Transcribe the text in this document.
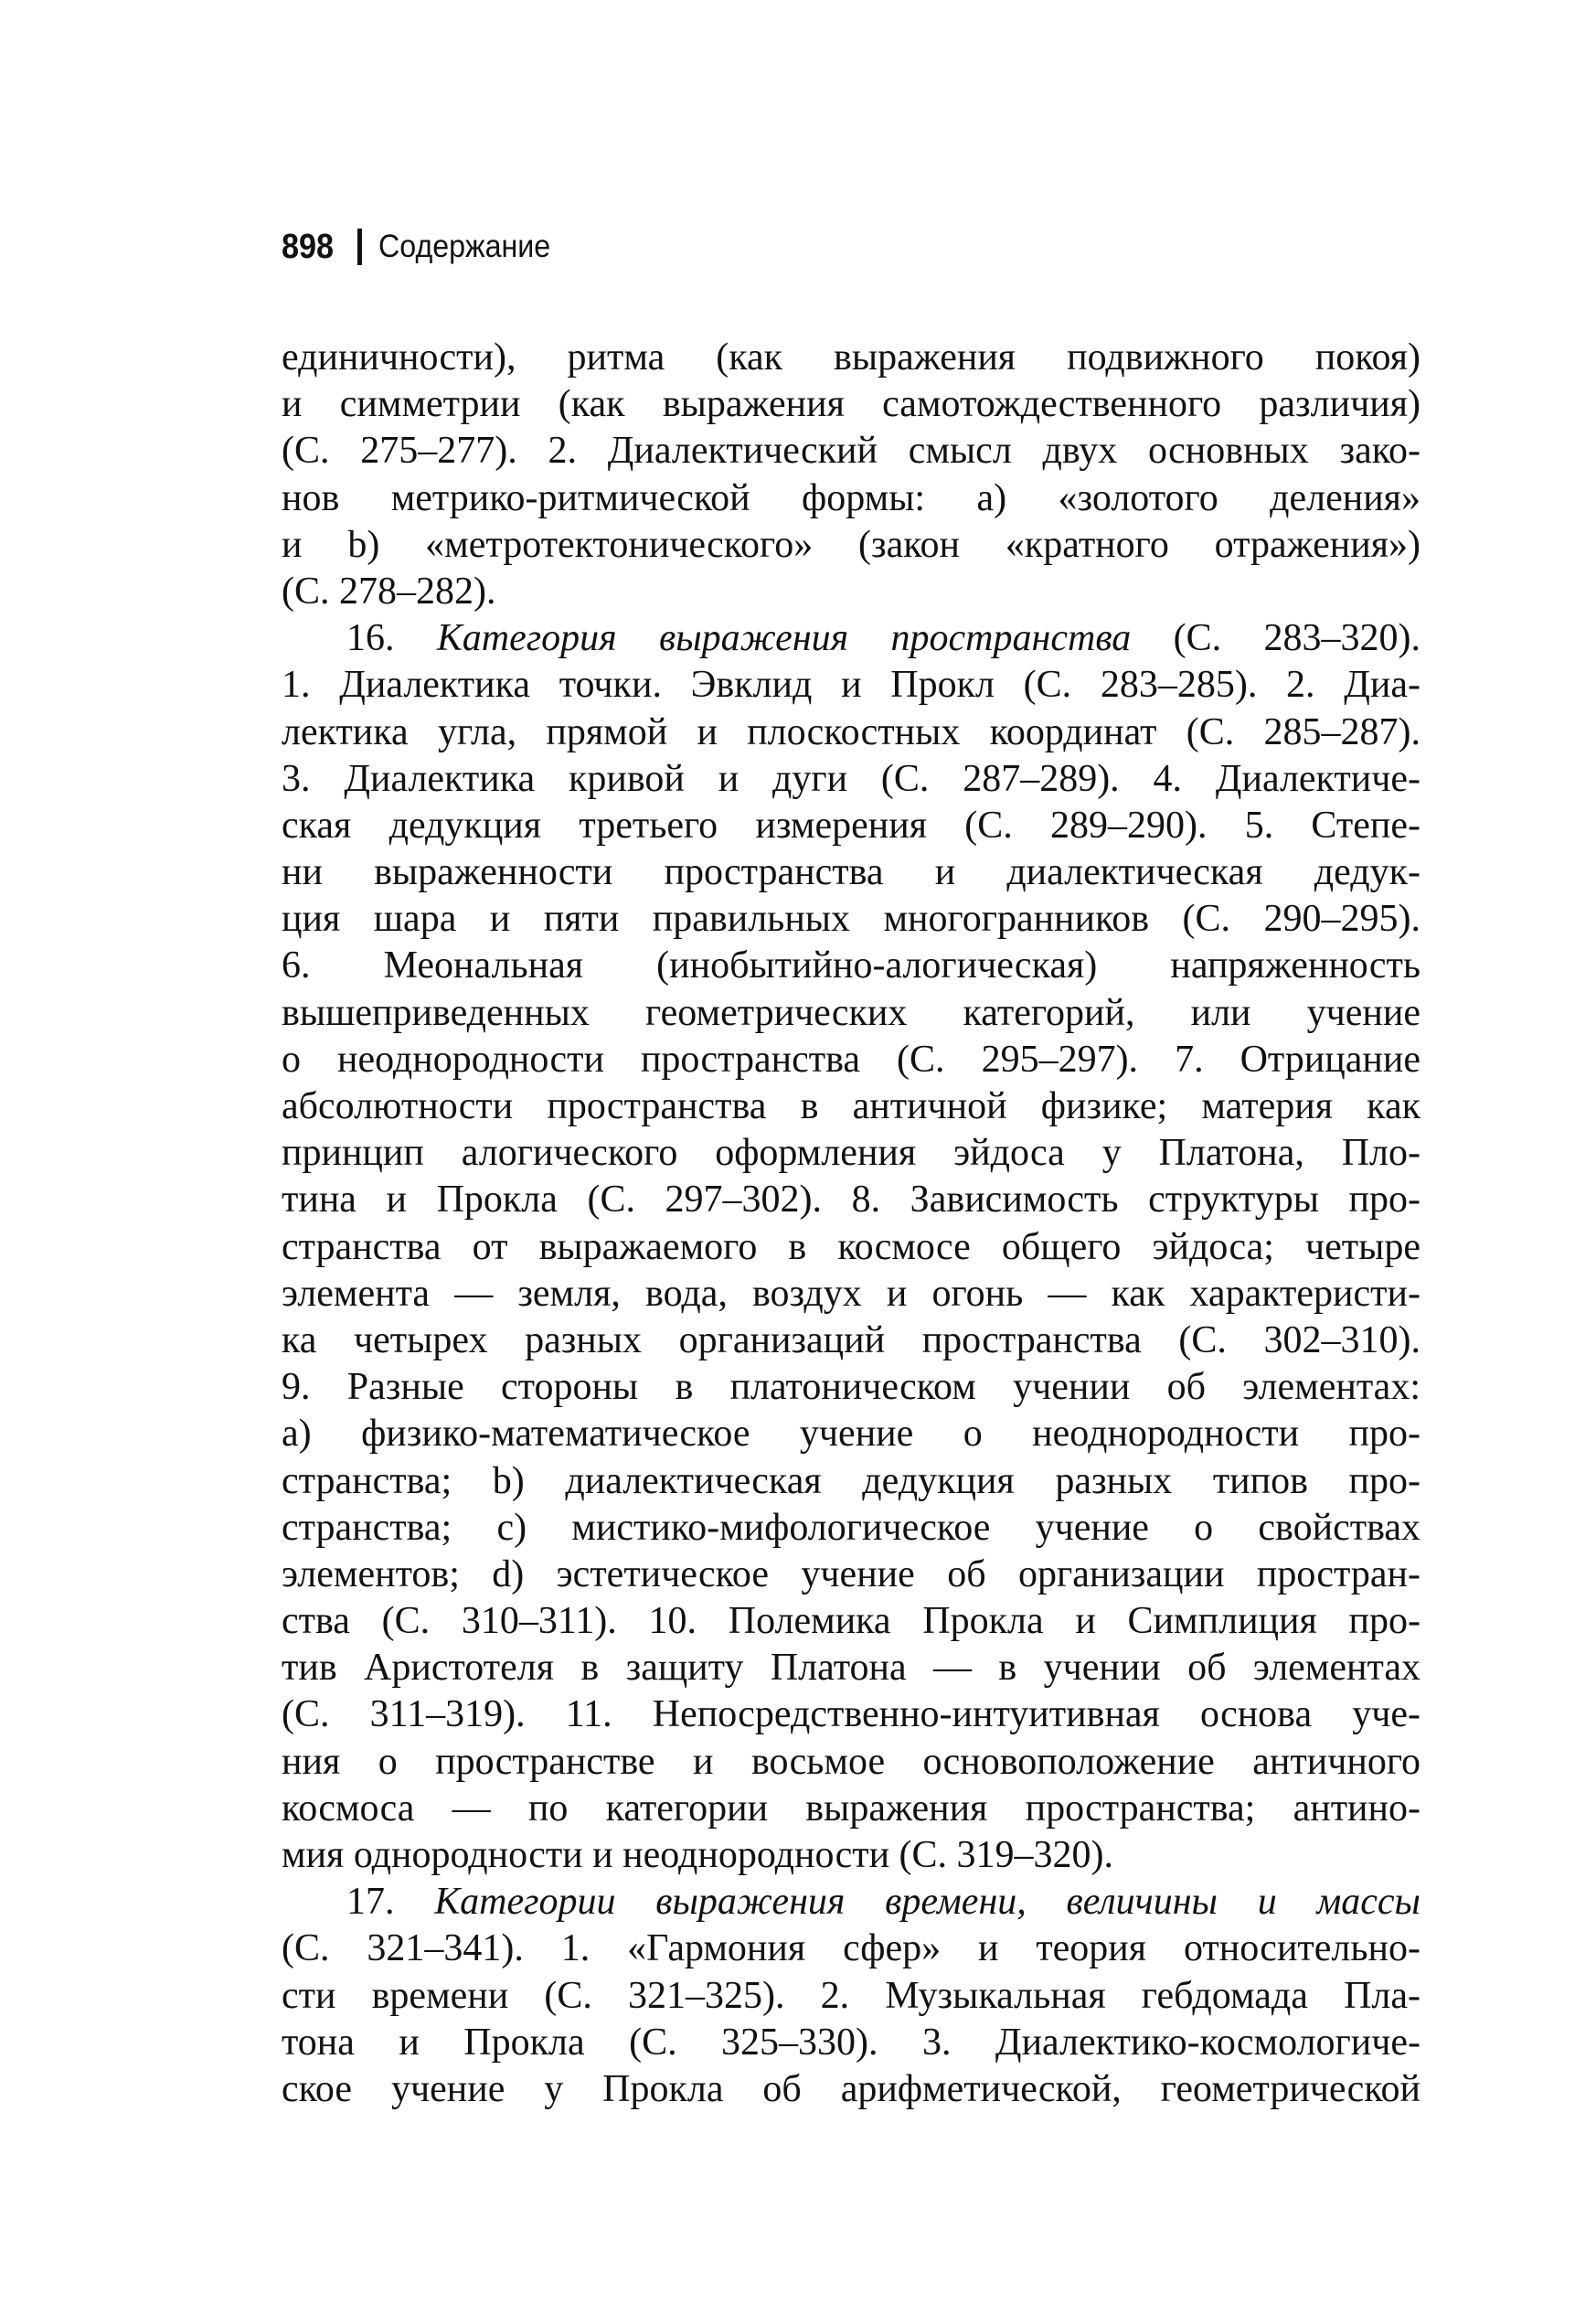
898 Содержание
единичности), ритма (как выражения подвижного покоя)
и симметрии (как выражения самотождественного различия)
(С. 275–277). 2. Диалектический смысл двух основных зако-
нов метрико-ритмической формы: a) «золотого деления»
и b) «метротектонического» (закон «кратного отражения»)
(С. 278–282).
16. Категория выражения пространства (С. 283–320).
1. Диалектика точки. Эвклид и Прокл (С. 283–285). 2. Диа-
лектика угла, прямой и плоскостных координат (С. 285–287).
3. Диалектика кривой и дуги (С. 287–289). 4. Диалектиче-
ская дедукция третьего измерения (С. 289–290). 5. Степе-
ни выраженности пространства и диалектическая дедук-
ция шара и пяти правильных многогранников (С. 290–295).
6. Меональная (инобытийно-алогическая) напряженность
вышеприведенных геометрических категорий, или учение
о неоднородности пространства (С. 295–297). 7. Отрицание
абсолютности пространства в античной физике; материя как
принцип алогического оформления эйдоса у Платона, Пло-
тина и Прокла (С. 297–302). 8. Зависимость структуры про-
странства от выражаемого в космосе общего эйдоса; четыре
элемента — земля, вода, воздух и огонь — как характеристи-
ка четырех разных организаций пространства (С. 302–310).
9. Разные стороны в платоническом учении об элементах:
a) физико-математическое учение о неоднородности про-
странства; b) диалектическая дедукция разных типов про-
странства; c) мистико-мифологическое учение о свойствах
элементов; d) эстетическое учение об организации простран-
ства (С. 310–311). 10. Полемика Прокла и Симплиция про-
тив Аристотеля в защиту Платона — в учении об элементах
(С. 311–319). 11. Непосредственно-интуитивная основа уче-
ния о пространстве и восьмое основоположение античного
космоса — по категории выражения пространства; антино-
мия однородности и неоднородности (С. 319–320).
17. Категории выражения времени, величины и массы
(С. 321–341). 1. «Гармония сфер» и теория относительно-
сти времени (С. 321–325). 2. Музыкальная гебдомада Пла-
тона и Прокла (С. 325–330). 3. Диалектико-космологиче-
ское учение у Прокла об арифметической, геометрической
